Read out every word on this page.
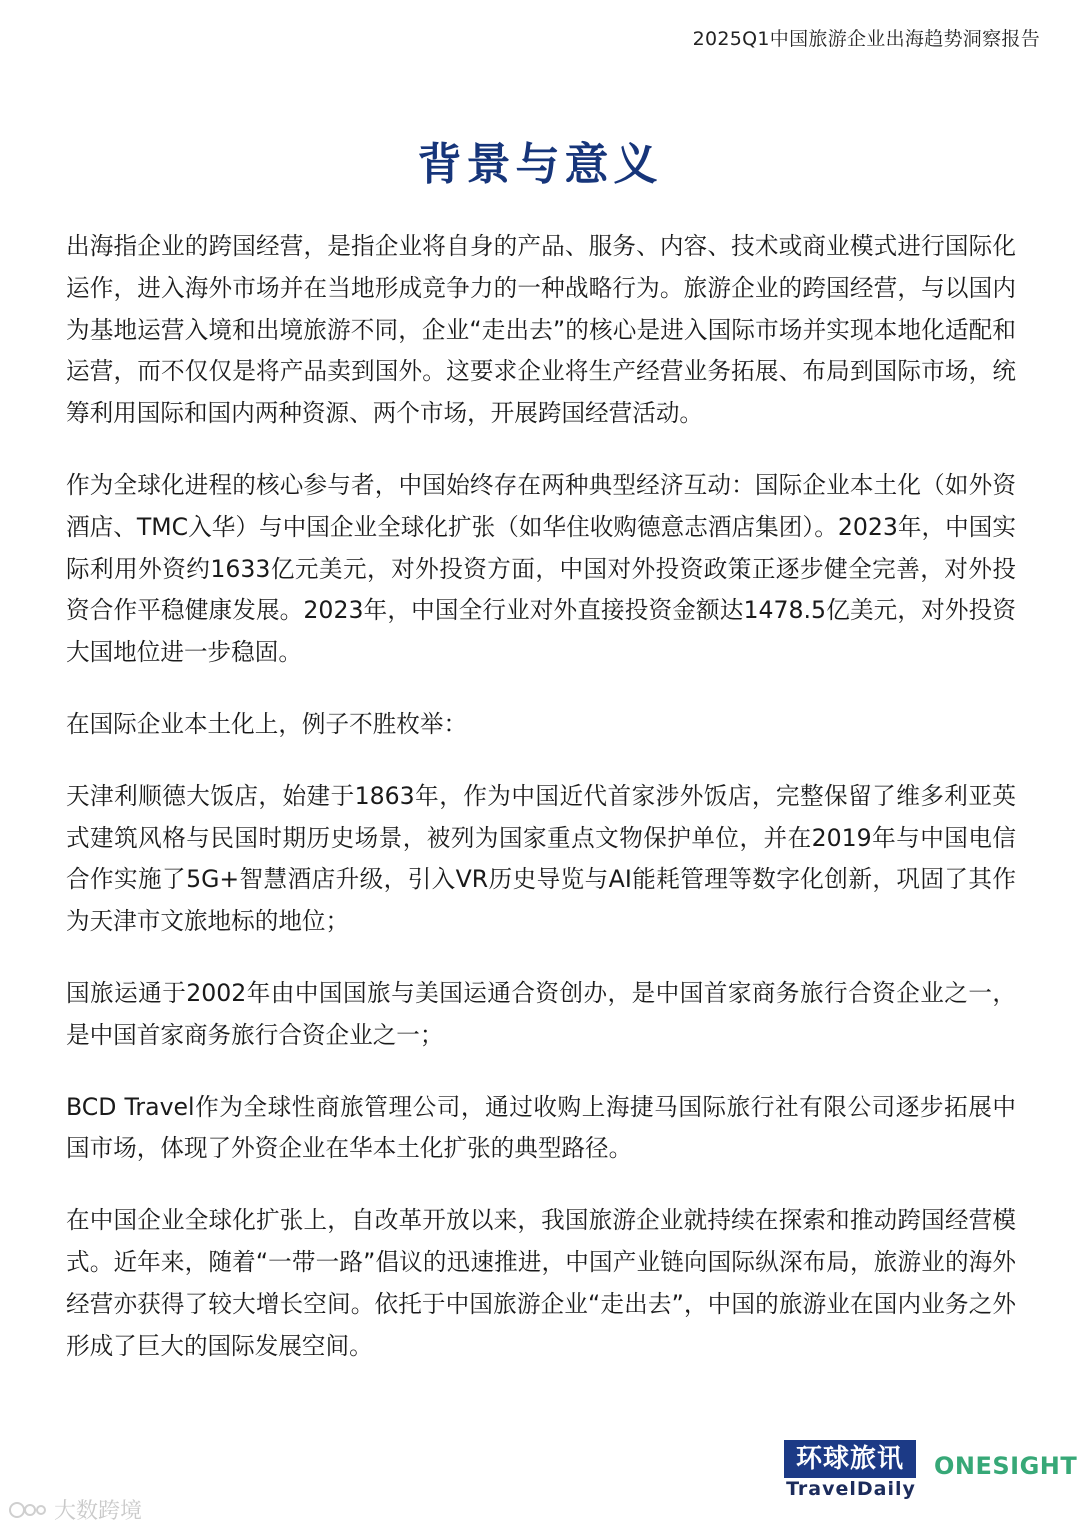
2025Q1中国旅游企业出海趋势洞察报告
背景与意义

出海指企业的跨国经营，是指企业将自身的产品、服务、内容、技术或商业模式进行国际化运作，进入海外市场并在当地形成竞争力的一种战略行为。旅游企业的跨国经营，与以国内为基地运营入境和出境旅游不同，企业“走出去”的核心是进入国际市场并实现本地化适配和运营，而不仅仅是将产品卖到国外。这要求企业将生产经营业务拓展、布局到国际市场，统筹利用国际和国内两种资源、两个市场，开展跨国经营活动。

作为全球化进程的核心参与者，中国始终存在两种典型经济互动：国际企业本土化（如外资酒店、TMC入华）与中国企业全球化扩张（如华住收购德意志酒店集团）。2023年，中国实际利用外资约1633亿元美元，对外投资方面，中国对外投资政策正逐步健全完善，对外投资合作平稳健康发展。2023年，中国全行业对外直接投资金额达1478.5亿美元，对外投资大国地位进一步稳固。

在国际企业本土化上，例子不胜枚举：

天津利顺德大饭店，始建于1863年，作为中国近代首家涉外饭店，完整保留了维多利亚英式建筑风格与民国时期历史场景，被列为国家重点文物保护单位，并在2019年与中国电信合作实施了5G+智慧酒店升级，引入VR历史导览与AI能耗管理等数字化创新，巩固了其作为天津市文旅地标的地位；

国旅运通于2002年由中国国旅与美国运通合资创办，是中国首家商务旅行合资企业之一，是中国首家商务旅行合资企业之一；

BCD Travel作为全球性商旅管理公司，通过收购上海捷马国际旅行社有限公司逐步拓展中国市场，体现了外资企业在华本土化扩张的典型路径。

在中国企业全球化扩张上，自改革开放以来，我国旅游企业就持续在探索和推动跨国经营模式。近年来，随着“一带一路”倡议的迅速推进，中国产业链向国际纵深布局，旅游业的海外经营亦获得了较大增长空间。依托于中国旅游企业“走出去”，中国的旅游业在国内业务之外形成了巨大的国际发展空间。

环球旅讯
TravelDaily
ONESIGHT
大数跨境
